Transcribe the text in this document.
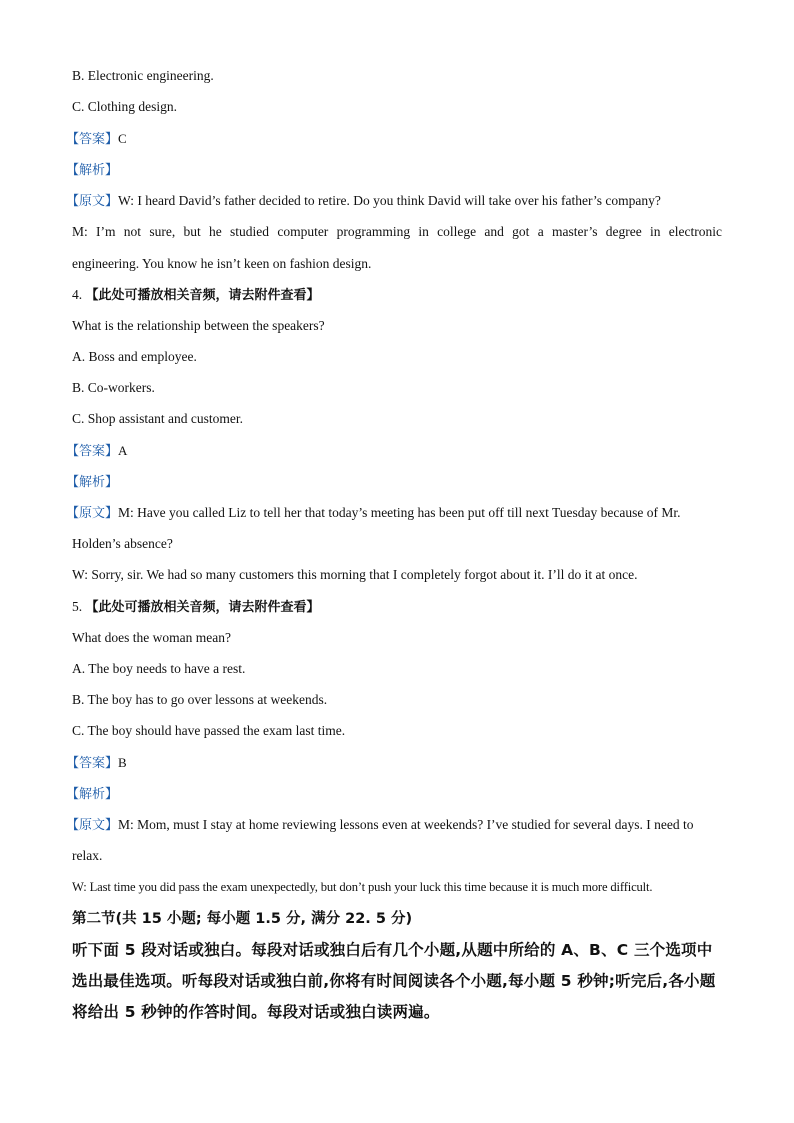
B. Electronic engineering.
C. Clothing design.
【答案】C
【解析】
【原文】W: I heard David’s father decided to retire. Do you think David will take over his father’s company?
M: I’m not sure, but he studied computer programming in college and got a master’s degree in electronic
engineering. You know he isn’t keen on fashion design.
4. 【此处可播放相关音频，请去附件查看】
What is the relationship between the speakers?
A. Boss and employee.
B. Co-workers.
C. Shop assistant and customer.
【答案】A
【解析】
【原文】M: Have you called Liz to tell her that today’s meeting has been put off till next Tuesday because of Mr.
Holden’s absence?
W: Sorry, sir. We had so many customers this morning that I completely forgot about it. I’ll do it at once.
5. 【此处可播放相关音频，请去附件查看】
What does the woman mean?
A. The boy needs to have a rest.
B. The boy has to go over lessons at weekends.
C. The boy should have passed the exam last time.
【答案】B
【解析】
【原文】M: Mom, must I stay at home reviewing lessons even at weekends? I’ve studied for several days. I need to
relax.
W: Last time you did pass the exam unexpectedly, but don’t push your luck this time because it is much more difficult.
第二节(共 15 小题; 每小题 1.5 分, 满分 22. 5 分)
听下面 5 段对话或独白。每段对话或独白后有几个小题,从题中所给的 A、B、C 三个选项中
选出最佳选项。听每段对话或独白前,你将有时间阅读各个小题,每小题 5 秒钟;听完后,各小题
将给出 5 秒钟的作答时间。每段对话或独白读两遍。
